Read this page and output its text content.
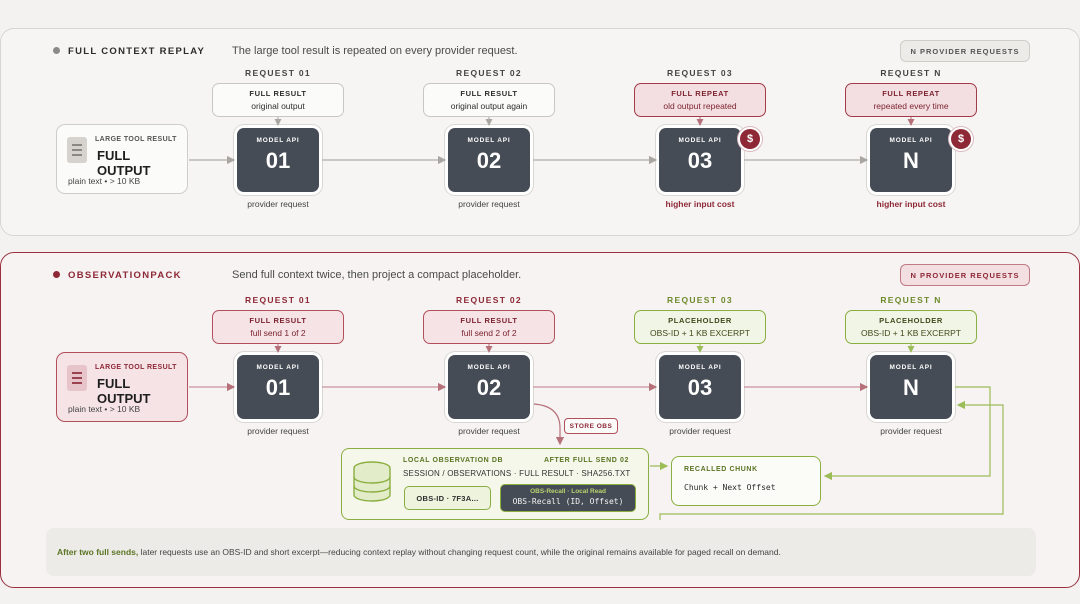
FULL CONTEXT REPLAY The large tool result is repeated on every provider request.	N PROVIDER REQUESTS
LARGE TOOL RESULT
FULL OUTPUT
plain text • > 10 KB
REQUEST 01
FULL RESULT
original output
MODEL API
01
provider request
REQUEST 02
FULL RESULT
original output again
MODEL API
02
provider request
REQUEST 03
FULL REPEAT
old output repeated
MODEL API
03
$
higher input cost
REQUEST N
FULL REPEAT
repeated every time
MODEL API
N
$
higher input cost
OBSERVATIONPACK	Send full context twice, then project a compact placeholder.	N PROVIDER REQUESTS
LARGE TOOL RESULT
FULL OUTPUT
plain text • > 10 KB
REQUEST 01
FULL RESULT
full send 1 of 2
MODEL API
01
provider request
REQUEST 02
FULL RESULT
full send 2 of 2
MODEL API
02
provider request
REQUEST 03
PLACEHOLDER
OBS-ID + 1 KB EXCERPT
MODEL API
03
provider request
REQUEST N
PLACEHOLDER
OBS-ID + 1 KB EXCERPT
MODEL API
N
provider request
STORE OBS
LOCAL OBSERVATION DB	AFTER FULL SEND 02
SESSION / OBSERVATIONS · FULL RESULT · SHA256.TXT
OBS-ID · 7F3A...
OBS-Recall · Local Read
OBS-Recall (ID, Offset)
RECALLED CHUNK
Chunk + Next Offset
After two full sends, later requests use an OBS-ID and short excerpt—reducing context replay without changing request count, while the original remains available for paged recall on demand.
